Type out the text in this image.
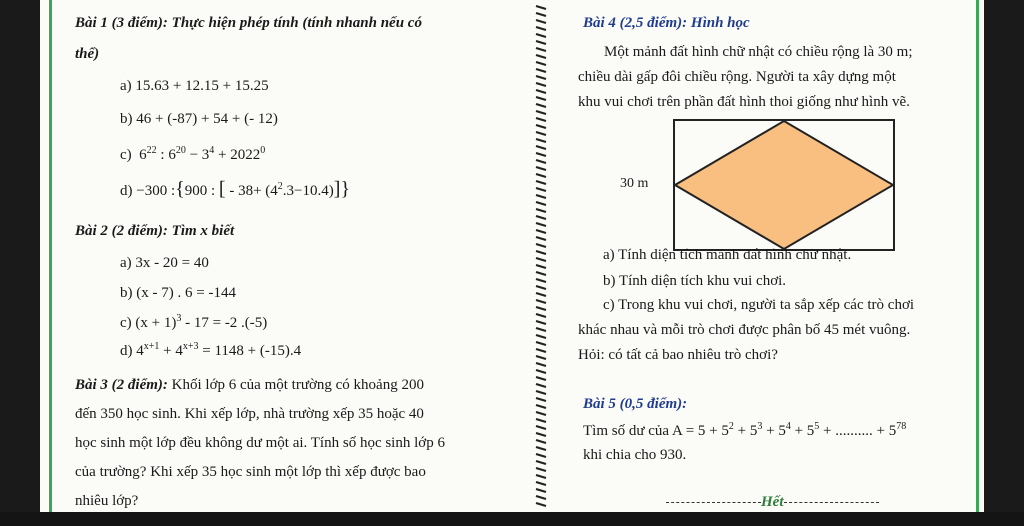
Bài 1 (3 điểm): Thực hiện phép tính (tính nhanh nếu có
thể)
a) 15.63 + 12.15 + 15.25
b) 46 + (-87) + 54 + (- 12)
c) $6^{22}$ : $6^{20} - 3^4 + 2022^0$
d) −300 :{900 : [ - $38+ (4^2.3-10.4)$]}
Bài 2 (2 điểm): Tìm x biết
a) 3x - 20 = 40
b) (x - 7) . 6 = -144
c) $(x + 1)^3 - 17 = -2$ .(-5)
d) $4^{x+1} + 4^{x+3} = 1148 + (-15).4$
Bài 3 (2 điểm): Khối lớp 6 của một trường có khoảng 200
đến 350 học sinh. Khi xếp lớp, nhà trường xếp 35 hoặc 40
học sinh một lớp đều không dư một ai. Tính số học sinh lớp 6
của trường? Khi xếp 35 học sinh một lớp thì xếp được bao
nhiêu lớp?
Bài 4 (2,5 điểm): Hình học
Một mảnh đất hình chữ nhật có chiều rộng là 30 m;
chiều dài gấp đôi chiều rộng. Người ta xây dựng một
khu vui chơi trên phần đất hình thoi giống như hình vẽ.
30 m
a) Tính diện tích mảnh đất hình chữ nhật.
b) Tính diện tích khu vui chơi.
c) Trong khu vui chơi, người ta sắp xếp các trò chơi
khác nhau và mỗi trò chơi được phân bố 45 mét vuông.
Hỏi: có tất cả bao nhiêu trò chơi?
Bài 5 (0,5 điểm):
Tìm số dư của $A = 5 + 5^2 + 5^3 + 5^4 + 5^5$ + .......... + $5^{78}$
khi chia cho 930.
Hết
